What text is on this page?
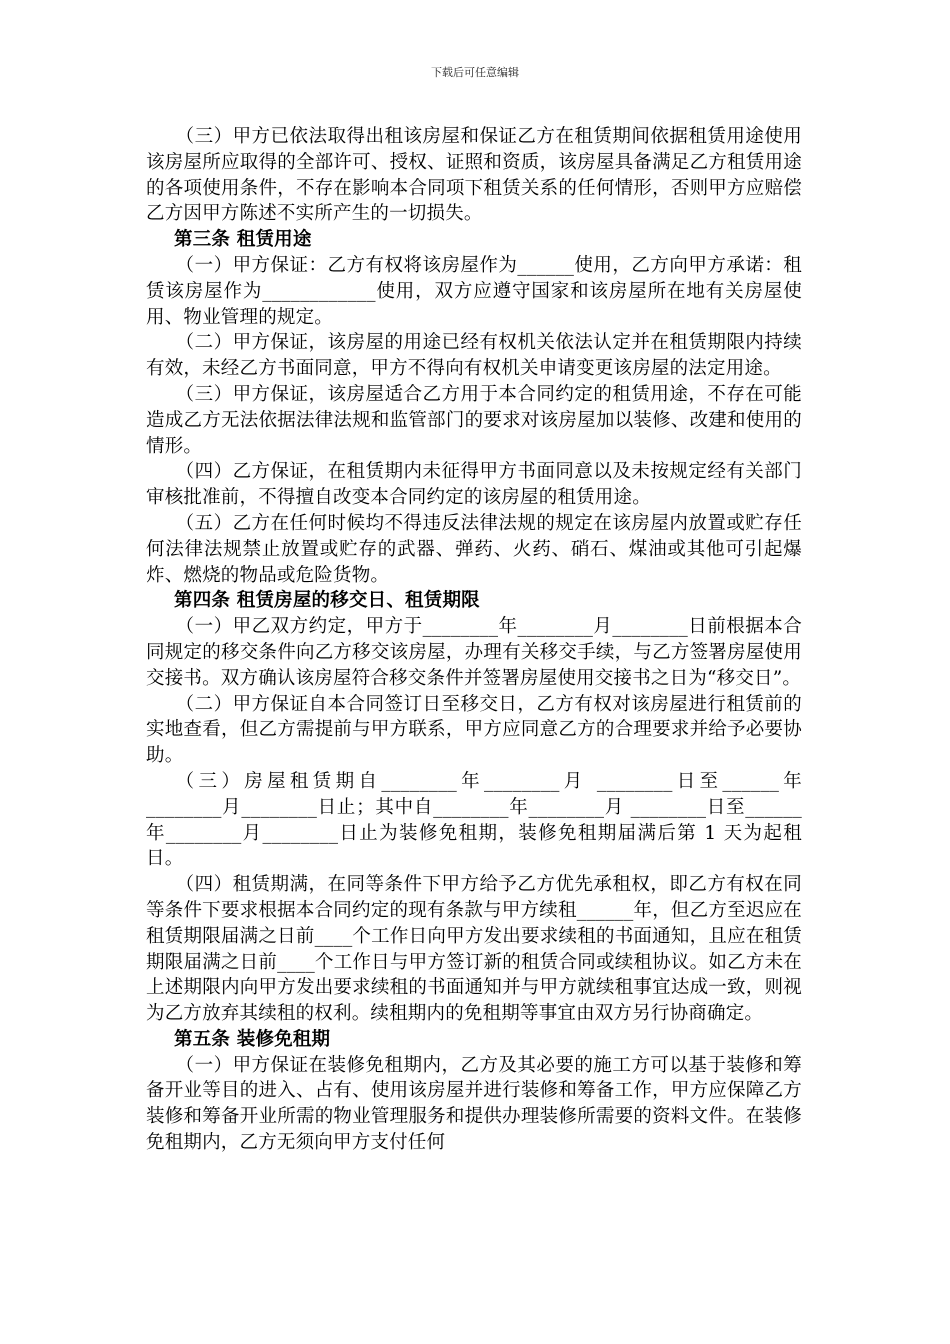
下载后可任意编辑

（三）甲方已依法取得出租该房屋和保证乙方在租赁期间依据租赁用途使用该房屋所应取得的全部许可、授权、证照和资质，该房屋具备满足乙方租赁用途的各项使用条件，不存在影响本合同项下租赁关系的任何情形，否则甲方应赔偿乙方因甲方陈述不实所产生的一切损失。

第三条 租赁用途

（一）甲方保证：乙方有权将该房屋作为______使用，乙方向甲方承诺：租赁该房屋作为____________使用，双方应遵守国家和该房屋所在地有关房屋使用、物业管理的规定。

（二）甲方保证，该房屋的用途已经有权机关依法认定并在租赁期限内持续有效，未经乙方书面同意，甲方不得向有权机关申请变更该房屋的法定用途。

（三）甲方保证，该房屋适合乙方用于本合同约定的租赁用途，不存在可能造成乙方无法依据法律法规和监管部门的要求对该房屋加以装修、改建和使用的情形。

（四）乙方保证，在租赁期内未征得甲方书面同意以及未按规定经有关部门审核批准前，不得擅自改变本合同约定的该房屋的租赁用途。

（五）乙方在任何时候均不得违反法律法规的规定在该房屋内放置或贮存任何法律法规禁止放置或贮存的武器、弹药、火药、硝石、煤油或其他可引起爆炸、燃烧的物品或危险货物。

第四条 租赁房屋的移交日、租赁期限

（一）甲乙双方约定，甲方于________年________月________日前根据本合同规定的移交条件向乙方移交该房屋，办理有关移交手续，与乙方签署房屋使用交接书。双方确认该房屋符合移交条件并签署房屋使用交接书之日为“移交日”。

（二）甲方保证自本合同签订日至移交日，乙方有权对该房屋进行租赁前的实地查看，但乙方需提前与甲方联系，甲方应同意乙方的合理要求并给予必要协助。

（三）房屋租赁期自________年________月 ________日至______年________月________日止；其中自________年________月 ________日至______年________月________日止为装修免租期，装修免租期届满后第 1 天为起租日。

（四）租赁期满，在同等条件下甲方给予乙方优先承租权，即乙方有权在同等条件下要求根据本合同约定的现有条款与甲方续租______年，但乙方至迟应在租赁期限届满之日前____个工作日向甲方发出要求续租的书面通知，且应在租赁期限届满之日前____个工作日与甲方签订新的租赁合同或续租协议。如乙方未在上述期限内向甲方发出要求续租的书面通知并与甲方就续租事宜达成一致，则视为乙方放弃其续租的权利。续租期内的免租期等事宜由双方另行协商确定。

第五条 装修免租期

（一）甲方保证在装修免租期内，乙方及其必要的施工方可以基于装修和筹备开业等目的进入、占有、使用该房屋并进行装修和筹备工作，甲方应保障乙方装修和筹备开业所需的物业管理服务和提供办理装修所需要的资料文件。在装修免租期内，乙方无须向甲方支付任何
